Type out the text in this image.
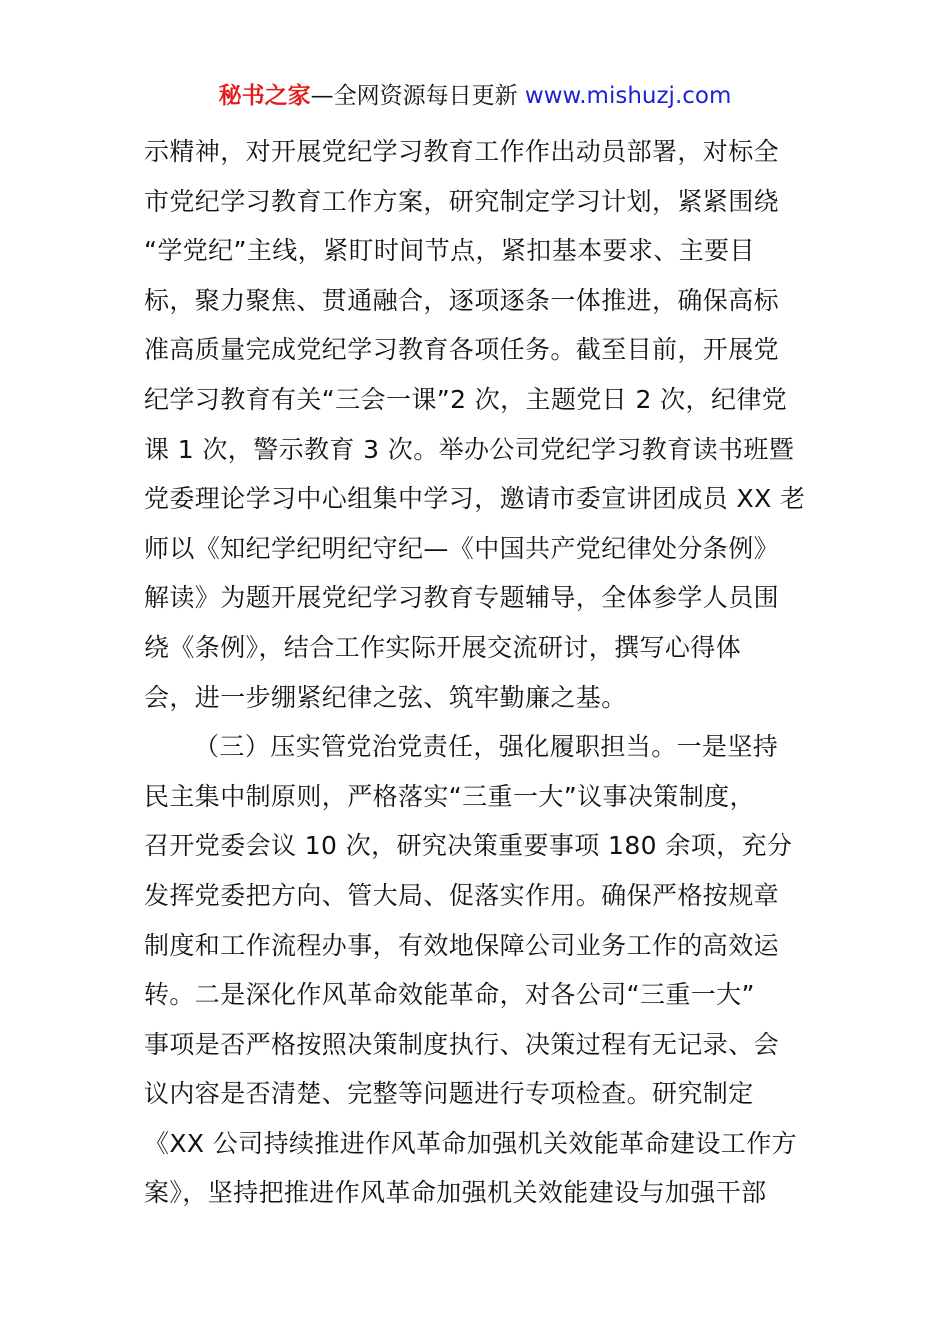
秘书之家—全网资源每日更新 www.mishuzj.com
示精神，对开展党纪学习教育工作作出动员部署，对标全
市党纪学习教育工作方案，研究制定学习计划，紧紧围绕
“学党纪”主线，紧盯时间节点，紧扣基本要求、主要目
标，聚力聚焦、贯通融合，逐项逐条一体推进，确保高标
准高质量完成党纪学习教育各项任务。截至目前，开展党
纪学习教育有关“三会一课”2 次，主题党日 2 次，纪律党
课 1 次，警示教育 3 次。举办公司党纪学习教育读书班暨
党委理论学习中心组集中学习，邀请市委宣讲团成员 XX 老
师以《知纪学纪明纪守纪—《中国共产党纪律处分条例》
解读》为题开展党纪学习教育专题辅导，全体参学人员围
绕《条例》，结合工作实际开展交流研讨，撰写心得体
会，进一步绷紧纪律之弦、筑牢勤廉之基。
（三）压实管党治党责任，强化履职担当。一是坚持
民主集中制原则，严格落实“三重一大”议事决策制度，
召开党委会议 10 次，研究决策重要事项 180 余项，充分
发挥党委把方向、管大局、促落实作用。确保严格按规章
制度和工作流程办事，有效地保障公司业务工作的高效运
转。二是深化作风革命效能革命，对各公司“三重一大”
事项是否严格按照决策制度执行、决策过程有无记录、会
议内容是否清楚、完整等问题进行专项检查。研究制定
《XX 公司持续推进作风革命加强机关效能革命建设工作方
案》，坚持把推进作风革命加强机关效能建设与加强干部
